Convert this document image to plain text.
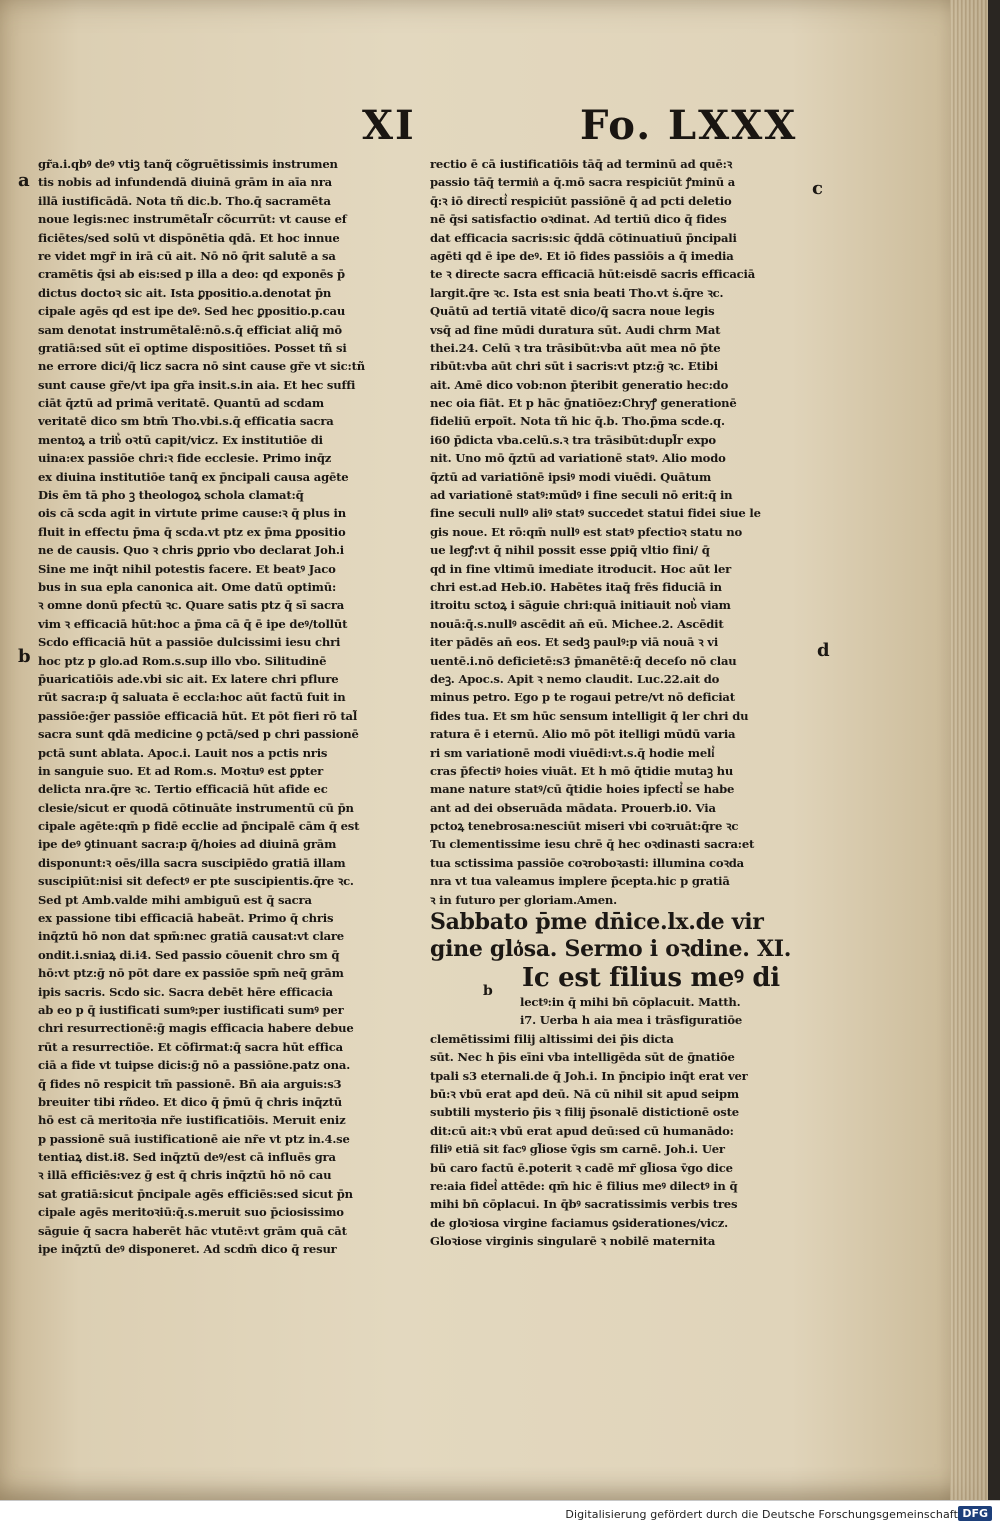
XI	Fo. LXXX
a	c
b	d
b
gr̃a.i.qbꝰ deꝰ vtiꝫ tanq̃ cõgruētissimis instrumen
tis nobis ad infundendā diuinā grām in aīa nra
illā iustificādā. Nota tñ dic.b. Tho.q̄ sacramēta
noue legis:nec instrumētal̃r cõcurrūt: vt cause ef
ficiētes/sed solū vt dispōnētia qdā. Et hoc innue
re videt mgr̃ in irā cū ait. Nō nō q̄rit salutē a sa
cramētis q̄si ab eis:sed p illa a deo: qd exponēs p̄
dictus doctoꝛ sic ait. Ista ꝑpositio.a.denotat p̄n
cipale agēs qd est ipe deꝰ. Sed hec ꝑpositio.p.cau
sam denotat instrumētalē:nō.s.q̄ efficiat aliq̄ mō
gratiā:sed sūt eī optime dispositiōes. Posset tñ si
ne errore dici/q̄ licz sacra nō sint cause gr̃e vt sic:tñ
sunt cause gr̃e/vt ipa gr̃a insit.s.in aia. Et hec suffi
ciāt q̄ztū ad primā veritatē. Quantū ad scdam
veritatē dico sm btm̄ Tho.vbi.s.q̄ efficatia sacra
mentoꝝ a trib͛ oꝛtū capit/vicz. Ex institutiōe di
uina:ex passiōe chri:ꝛ fide ecclesie. Primo inq̄z
ex diuina institutiōe tanq̄ ex p̄ncipali causa agēte
Dis ēm tā pho ꝫ theologoꝝ schola clamat:q̄
ois cā scda agit in virtute prime cause:ꝛ q̄ plus in
fluit in effectu p̄ma q̄ scda.vt ptz ex p̄ma ꝑpositio
ne de causis. Quo ꝛ chris ꝑprio vbo declarat Joh.i
Sine me inq̄t nihil potestis facere. Et beatꝰ Jaco
bus in sua epla canonica ait. Ome datū optimū:
ꝛ omne donū pfectū ꝛc. Quare satis ptz q̄ sī sacra
vim ꝛ efficaciā hūt:hoc a p̄ma cā q̄ ē ipe deꝰ/tollūt
Scdo efficaciā hūt a passiōe dulcissimi iesu chri
hoc ptz p glo.ad Rom.s.sup illo vbo. Silitudinē
p̄uaricatiōis ade.vbi sic ait. Ex latere chri pflure
rūt sacra:p q̄ saluata ē eccla:hoc aūt factū fuit in
passiōe:ḡer passiōe efficaciā hūt. Et pōt fieri rō tal̃
sacra sunt qdā medicine ꝯ pctā/sed p chri passionē
pctā sunt ablata. Apoc.i. Lauit nos a pctis nris
in sanguie suo. Et ad Rom.s. Moꝛtuꝰ est ꝑpter
delicta nra.q̄re ꝛc. Tertio efficaciā hūt afide ec
clesie/sicut er quodā cōtinuāte instrumentū cū p̄n
cipale agēte:qm̄ p fidē ecclie ad p̄ncipalē cām q̄ est
ipe deꝰ ꝯtinuant sacra:p q̄/hoies ad diuinā grām
disponunt:ꝛ oēs/illa sacra suscipiēdo gratiā illam
suscipiūt:nisi sit defectꝰ er pte suscipientis.q̄re ꝛc.
Sed pt Amb.valde mihi ambiguū est q̄ sacra
ex passione tibi efficaciā habeāt. Primo q̄ chris
inq̄ztū hō non dat spm̄:nec gratiā causat:vt clare
ondit.i.sniaꝝ di.i4. Sed passio cōuenit chro sm q̄
hō:vt ptz:ḡ nō pōt dare ex passiōe spm̄ neq̄ grām
ipis sacris. Scdo sic. Sacra debēt hēre efficacia
ab eo p q̄ iustificati sumꝰ:per iustificati sumꝰ per
chri resurrectionē:ḡ magis efficacia habere debue
rūt a resurrectiōe. Et cōfirmat:q̄ sacra hūt effica
ciā a fide vt tuipse dicis:ḡ nō a passiōne.patz ona.
q̄ fides nō respicit tm̄ passionē. Bn̄ aia arguis:s3
breuiter tibi rñdeo. Et dico q̄ p̄mū q̄ chris inq̄ztū
hō est cā meritoꝛia nr̃e iustificatiōis. Meruit eniz
p passionē suā iustificationē aie nr̃e vt ptz in.4.se
tentiaꝝ dist.i8. Sed inq̄ztū deꝰ/est cā influēs gra
ꝛ illā efficiēs:vez ḡ est q̄ chris inq̄ztū hō nō cau
sat gratiā:sicut p̄ncipale agēs efficiēs:sed sicut p̄n
cipale agēs meritoꝛiū:q̄.s.meruit suo p̄ciosissimo
sāguie q̄ sacra haberēt hāc vtutē:vt grām quā cāt
ipe inq̄ztū deꝰ disponeret. Ad scdm̄ dico q̄ resur
rectio ē cā iustificatiōis tāq̄ ad terminū ad quē:ꝛ
passio tāq̄ termin͛ a q̄.mō sacra respiciūt ꝭminū a
q̄:ꝛ iō directi͛ respiciūt passiōnē q̄ ad pcti deletio
nē q̄si satisfactio oꝛdinat. Ad tertiū dico q̄ fides
dat efficacia sacris:sic q̄ddā cōtinuatiuū p̄ncipali
agēti qd ē ipe deꝰ. Et iō fides passiōis a q̄ imedia
te ꝛ directe sacra efficaciā hūt:eisdē sacris efficaciā
largit.q̄re ꝛc. Ista est snia beati Tho.vt ṡ.q̄re ꝛc.
Quātū ad tertiā vitatē dico/q̄ sacra noue legis
vsq̄ ad fine mūdi duratura sūt. Audi chrm Mat
thei.24. Celū ꝛ tra trāsibūt:vba aūt mea nō p̄te
ribūt:vba aūt chri sūt i sacris:vt ptz:ḡ ꝛc. Etibi
ait. Amē dico vob:non p̄teribit generatio hec:do
nec oia fiāt. Et p hāc ḡnatiōez:Chryꝭ generationē
fideliū erpoīt. Nota tñ hic q̄.b. Tho.p̄ma scde.q.
i60 p̄dicta vba.celū.s.ꝛ tra trāsibūt:dupl̃r expo
nit. Uno mō q̄ztū ad variationē statꝰ. Alio modo
q̄ztū ad variatiōnē ipsiꝰ modi viuēdi. Quātum
ad variationē statꝰ:mūdꝰ i fine seculi nō erit:q̄ in
fine seculi nullꝰ aliꝰ statꝰ succedet statui fidei siue le
gis noue. Et rō:qm̄ nullꝰ est statꝰ pfectioꝛ statu no
ue legꝭ:vt q̄ nihil possit esse ꝑpiq̄ vltio fini/ q̄
qd in fine vltimū imediate itroducit. Hoc aūt ler
chri est.ad Heb.i0. Habētes itaq̄ frēs fiduciā in
itroitu sctoꝝ i sāguie chri:quā initiauit nob͛ viam
nouā:q̄.s.nullꝰ ascēdit an̄ eū. Michee.2. Ascēdit
iter pādēs an̄ eos. Et sedꝫ paulꝰ:p viā nouā ꝛ vi
uentē.i.nō deficietē:s3 p̄manētē:q̄ deceſo nō clau
deꝫ. Apoc.s. Apit ꝛ nemo claudit. Luc.22.ait do
minus petro. Ego p te rogaui petre/vt nō deficiat
fides tua. Et sm hūc sensum intelligit q̄ ler chri du
ratura ē i eternū. Alio mō pōt itelligi mūdū varia
ri sm variationē modi viuēdi:vt.s.q̄ hodie meli͛
cras p̄fectiꝰ hoies viuāt. Et h mō q̄tidie mutaꝫ hu
mane nature statꝰ/cū q̄tidie hoies ipfecti͛ se habe
ant ad dei obseruāda mādata. Prouerb.i0. Via
pctoꝝ tenebrosa:nesciūt miseri vbi coꝛruāt:q̄re ꝛc
Tu clementissime iesu chrē q̄ hec oꝛdinasti sacra:et
tua sctissima passiōe coꝛroboꝛasti: illumina coꝛda
nra vt tua valeamus implere p̄cepta.hic p gratiā
ꝛ in futuro per gloriam.Amen.
Sabbato p̄me dn̄ice.lx.de vir
gine glo͛sa. Sermo i oꝛdine. XI.
Ic est filius meꝰ di
lectꝰ:in q̄ mihi bn̄ cōplacuit. Matth.
i7. Uerba h aia mea i trāsfiguratiōe
clemētissimi filij altissimi dei p̄is dicta
sūt. Nec h p̄is eīni vba intelligēda sūt de ḡnatiōe
tpali s3 eternali.de q̄ Joh.i. In p̄ncipio inq̄t erat ver
bū:ꝛ vbū erat apd deū. Nā cū nihil sit apud seipm
subtili mysterio p̄is ꝛ filij p̄sonalē distictionē oste
dit:cū ait:ꝛ vbū erat apud deū:sed cū humanādo:
filiꝰ etiā sit facꝰ gl̃iose v̄gis sm carnē. Joh.i. Uer
bū caro factū ē.poterit ꝛ cadē mr̃ gl̃iosa v̄go dice
re:aia fidel͛ attēde: qm̄ hic ē filius meꝰ dilectꝰ in q̄
mihi bn̄ cōplacui. In q̄bꝰ sacratissimis verbis tres
de gloꝛiosa virgine faciamus ꝯsiderationes/vicz.
Gloꝛiose virginis singularē ꝛ nobilē maternita
Digitalisierung gefördert durch die Deutsche Forschungsgemeinschaft DFG
